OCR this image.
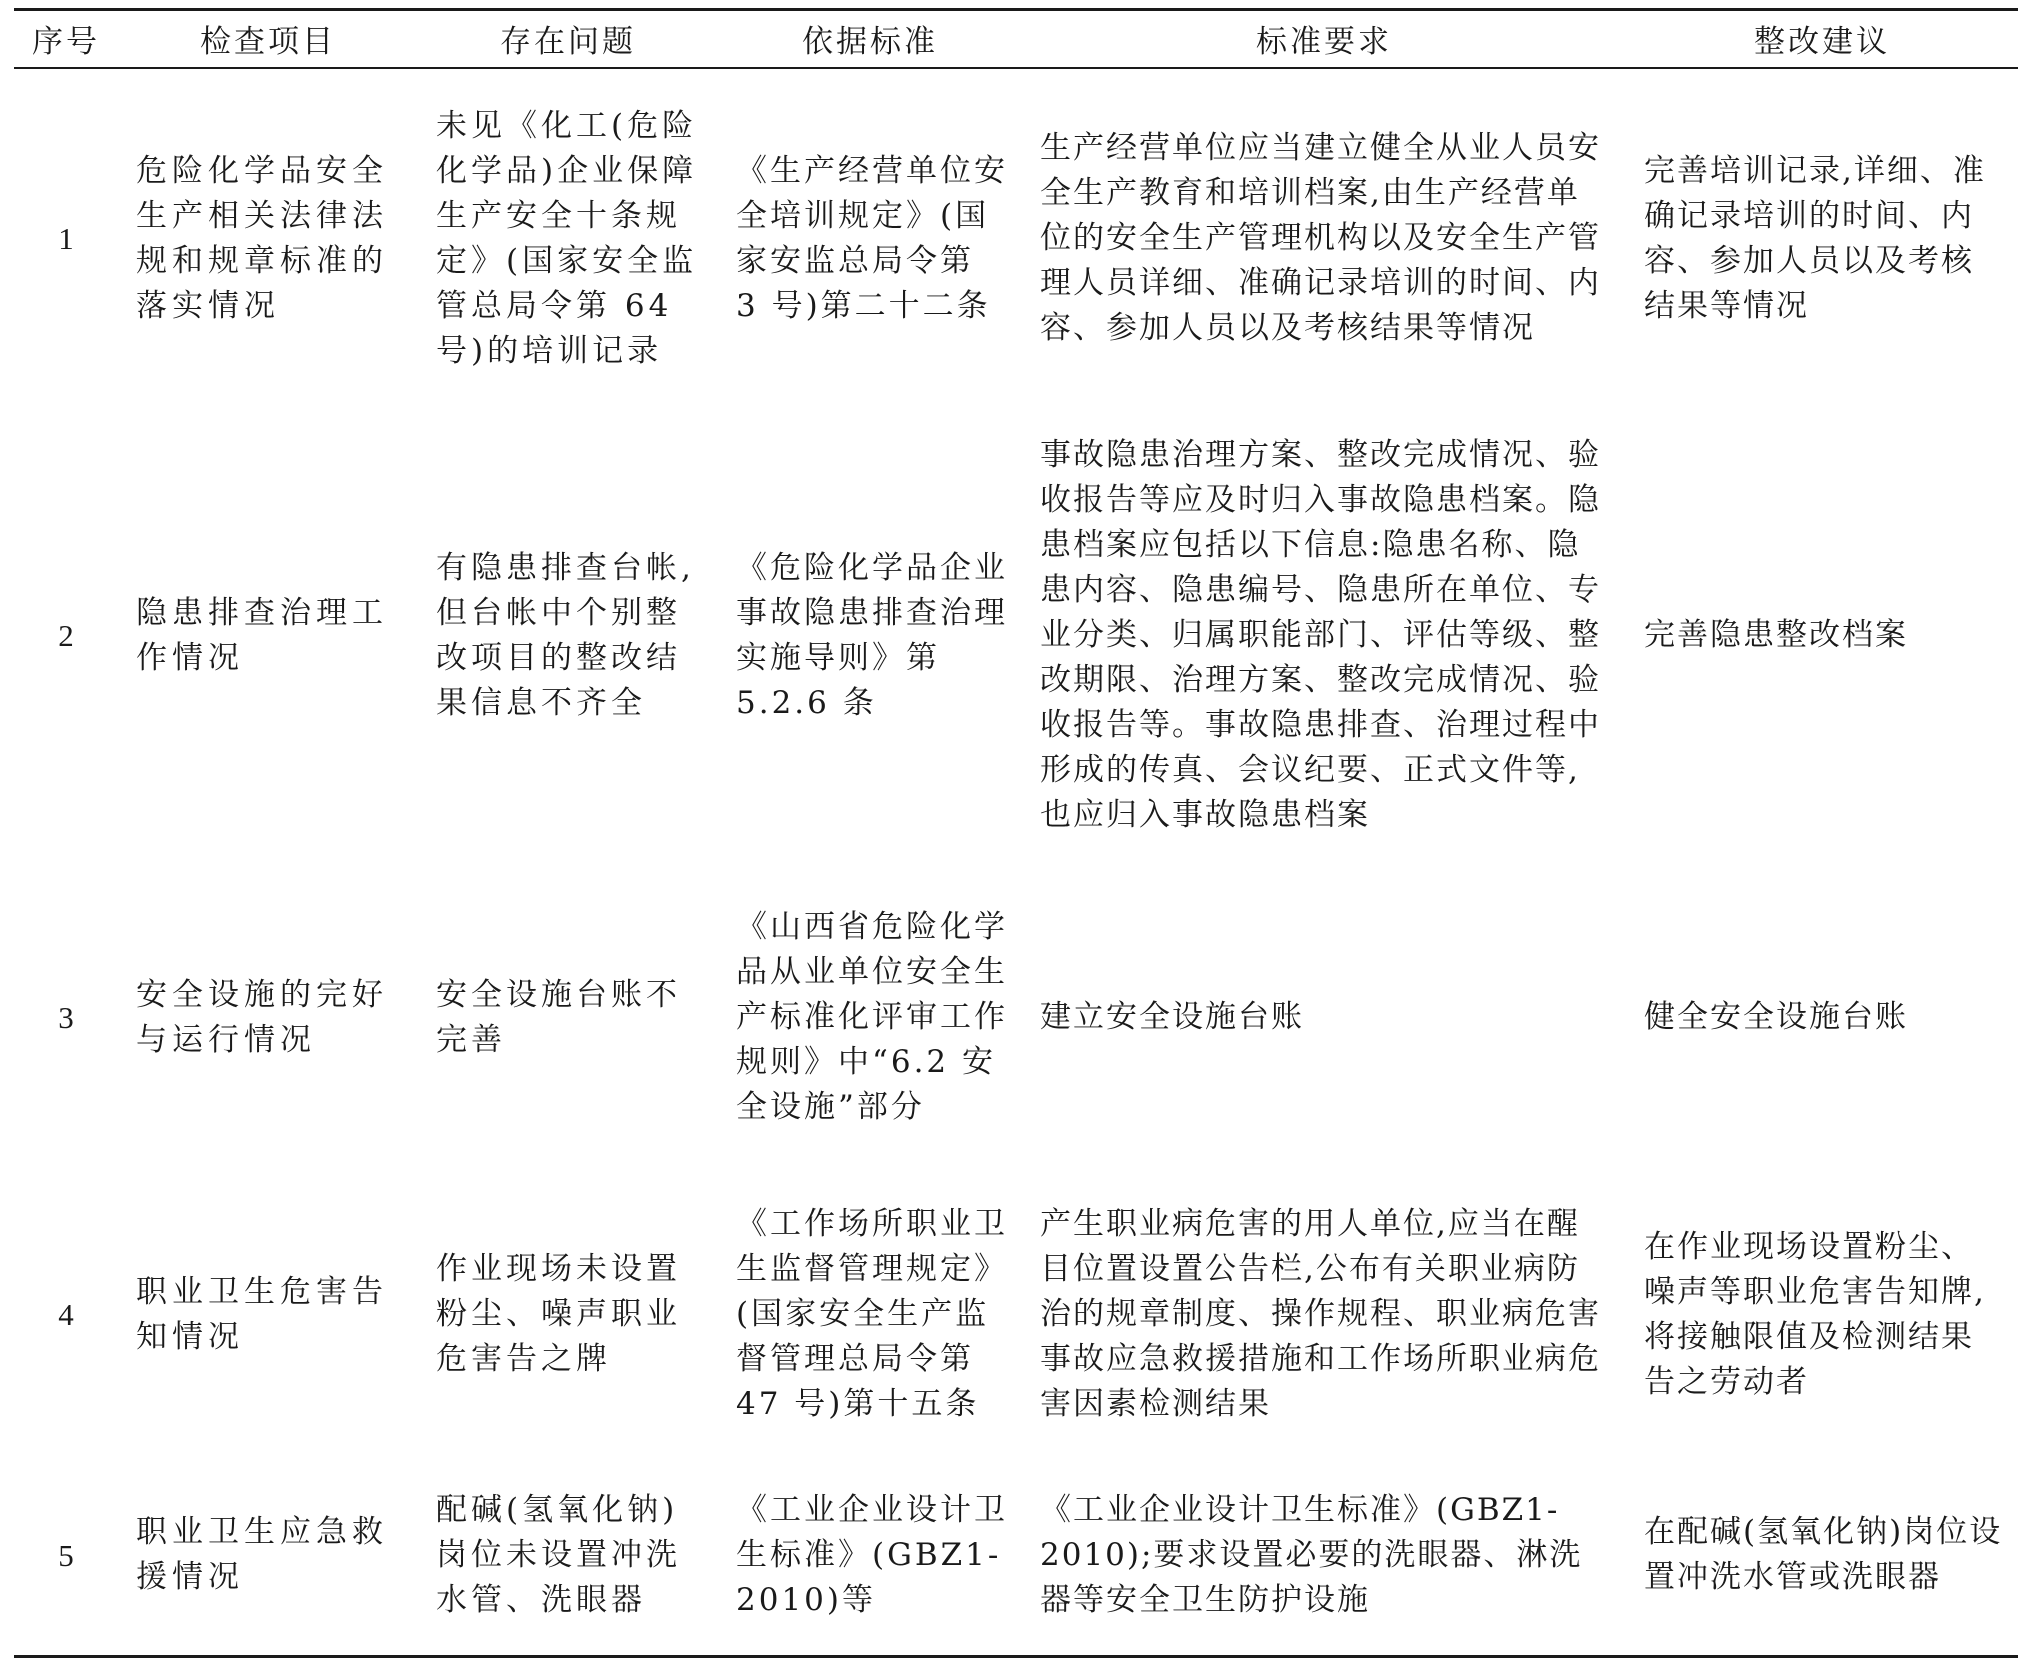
序号	检查项目	存在问题	依据标准	标准要求	整改建议
1	危险化学品安全生产相关法律法规和规章标准的落实情况	未见《化工(危险化学品)企业保障生产安全十条规定》(国家安全监管总局令第 64 号)的培训记录	《生产经营单位安全培训规定》(国家安监总局令第 3 号)第二十二条	生产经营单位应当建立健全从业人员安全生产教育和培训档案,由生产经营单位的安全生产管理机构以及安全生产管理人员详细、准确记录培训的时间、内容、参加人员以及考核结果等情况	完善培训记录,详细、准确记录培训的时间、内容、参加人员以及考核结果等情况
2	隐患排查治理工作情况	有隐患排查台帐,但台帐中个别整改项目的整改结果信息不齐全	《危险化学品企业事故隐患排查治理实施导则》第 5.2.6 条	事故隐患治理方案、整改完成情况、验收报告等应及时归入事故隐患档案。隐患档案应包括以下信息:隐患名称、隐患内容、隐患编号、隐患所在单位、专业分类、归属职能部门、评估等级、整改期限、治理方案、整改完成情况、验收报告等。事故隐患排查、治理过程中形成的传真、会议纪要、正式文件等,也应归入事故隐患档案	完善隐患整改档案
3	安全设施的完好与运行情况	安全设施台账不完善	《山西省危险化学品从业单位安全生产标准化评审工作规则》中“6.2 安全设施”部分	建立安全设施台账	健全安全设施台账
4	职业卫生危害告知情况	作业现场未设置粉尘、噪声职业危害告之牌	《工作场所职业卫生监督管理规定》(国家安全生产监督管理总局令第 47 号)第十五条	产生职业病危害的用人单位,应当在醒目位置设置公告栏,公布有关职业病防治的规章制度、操作规程、职业病危害事故应急救援措施和工作场所职业病危害因素检测结果	在作业现场设置粉尘、噪声等职业危害告知牌,将接触限值及检测结果告之劳动者
5	职业卫生应急救援情况	配碱(氢氧化钠)岗位未设置冲洗水管、洗眼器	《工业企业设计卫生标准》(GBZ1-2010)等	《工业企业设计卫生标准》(GBZ1-2010);要求设置必要的洗眼器、淋洗器等安全卫生防护设施	在配碱(氢氧化钠)岗位设置冲洗水管或洗眼器
